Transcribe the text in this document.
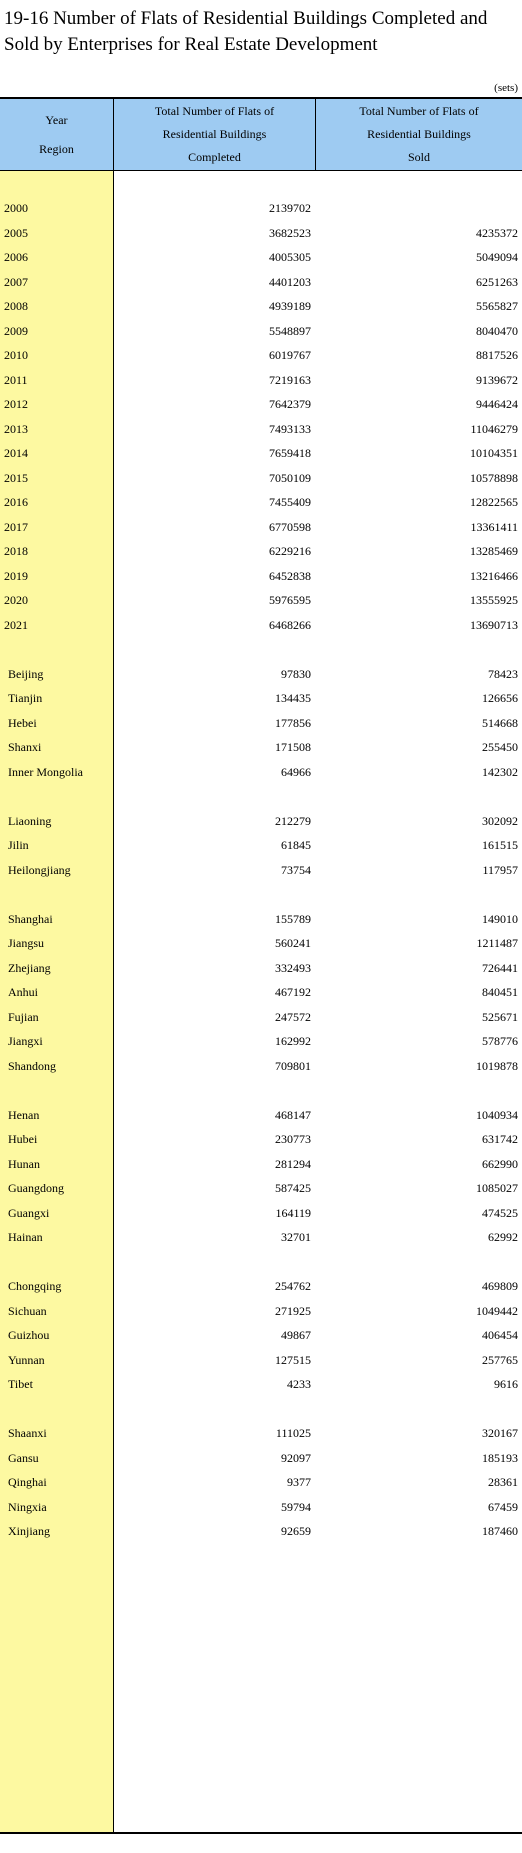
19-16 Number of Flats of Residential Buildings Completed and Sold by Enterprises for Real Estate Development
(sets)
Year
Region
Total Number of Flats of Residential Buildings Completed
Total Number of Flats of Residential Buildings Sold
2000	2139702
2005	3682523	4235372
2006	4005305	5049094
2007	4401203	6251263
2008	4939189	5565827
2009	5548897	8040470
2010	6019767	8817526
2011	7219163	9139672
2012	7642379	9446424
2013	7493133	11046279
2014	7659418	10104351
2015	7050109	10578898
2016	7455409	12822565
2017	6770598	13361411
2018	6229216	13285469
2019	6452838	13216466
2020	5976595	13555925
2021	6468266	13690713
Beijing	97830	78423
Tianjin	134435	126656
Hebei	177856	514668
Shanxi	171508	255450
Inner Mongolia	64966	142302
Liaoning	212279	302092
Jilin	61845	161515
Heilongjiang	73754	117957
Shanghai	155789	149010
Jiangsu	560241	1211487
Zhejiang	332493	726441
Anhui	467192	840451
Fujian	247572	525671
Jiangxi	162992	578776
Shandong	709801	1019878
Henan	468147	1040934
Hubei	230773	631742
Hunan	281294	662990
Guangdong	587425	1085027
Guangxi	164119	474525
Hainan	32701	62992
Chongqing	254762	469809
Sichuan	271925	1049442
Guizhou	49867	406454
Yunnan	127515	257765
Tibet	4233	9616
Shaanxi	111025	320167
Gansu	92097	185193
Qinghai	9377	28361
Ningxia	59794	67459
Xinjiang	92659	187460
